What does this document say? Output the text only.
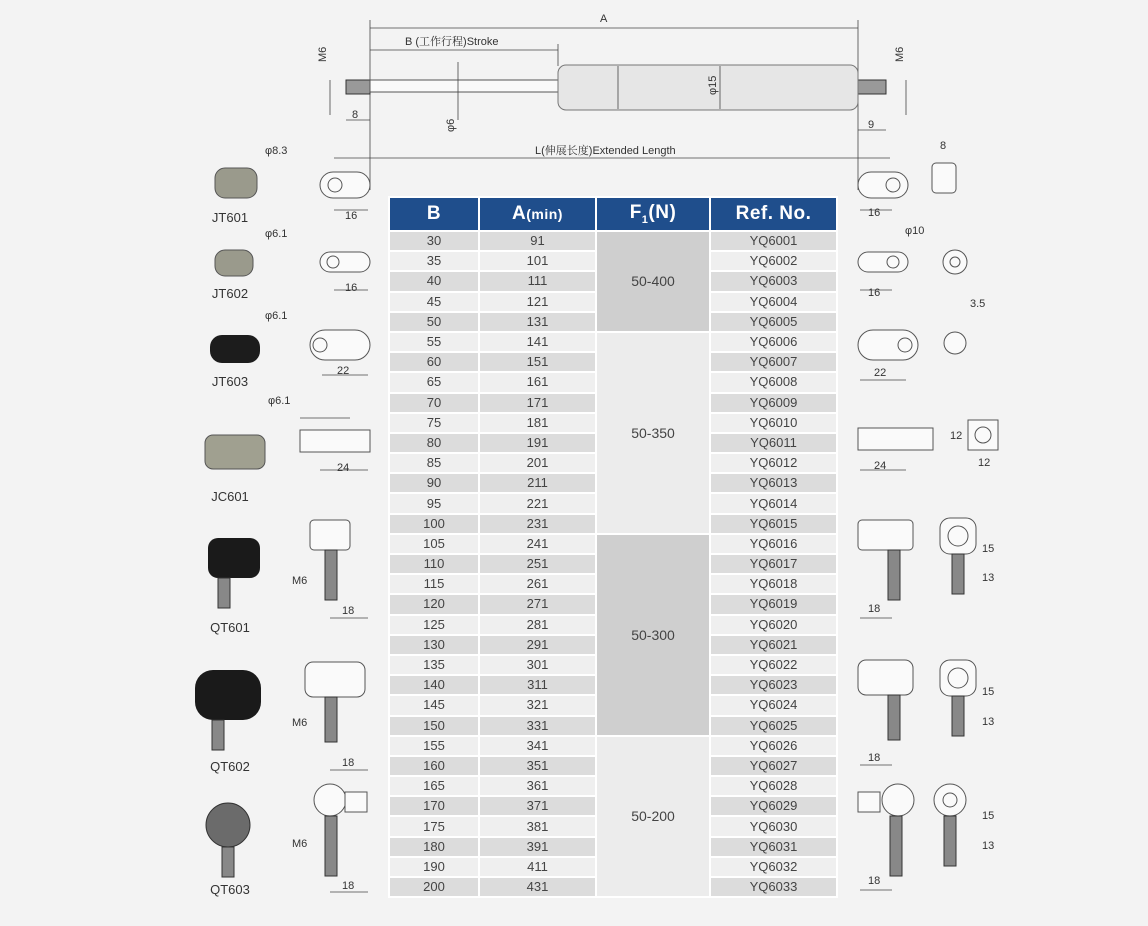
A
B (工作行程)Stroke
φ15
φ6
M6	M6
8
9
L(伸展长度)Extended Length
φ8.3
16
JT601
φ6.1
16
JT602
φ6.1
22
JT603
φ6.1
24
JC601
M6
18
QT601
M6
18
QT602
M6
18
QT603
16
8
16
φ10
22
3.5
24
12
12
18
15
13
18
15
13
18
15
13
B	A(min)	$F_1(N)$	Ref. No.
30	91	50-400	YQ6001
35	101		YQ6002
40	111		YQ6003
45	121		YQ6004
50	131		YQ6005
55	141	50-350	YQ6006
60	151		YQ6007
65	161		YQ6008
70	171		YQ6009
75	181		YQ6010
80	191		YQ6011
85	201		YQ6012
90	211		YQ6013
95	221		YQ6014
100	231		YQ6015
105	241	50-300	YQ6016
110	251		YQ6017
115	261		YQ6018
120	271		YQ6019
125	281		YQ6020
130	291		YQ6021
135	301		YQ6022
140	311		YQ6023
145	321		YQ6024
150	331		YQ6025
155	341	50-200	YQ6026
160	351		YQ6027
165	361		YQ6028
170	371		YQ6029
175	381		YQ6030
180	391		YQ6031
190	411		YQ6032
200	431		YQ6033
